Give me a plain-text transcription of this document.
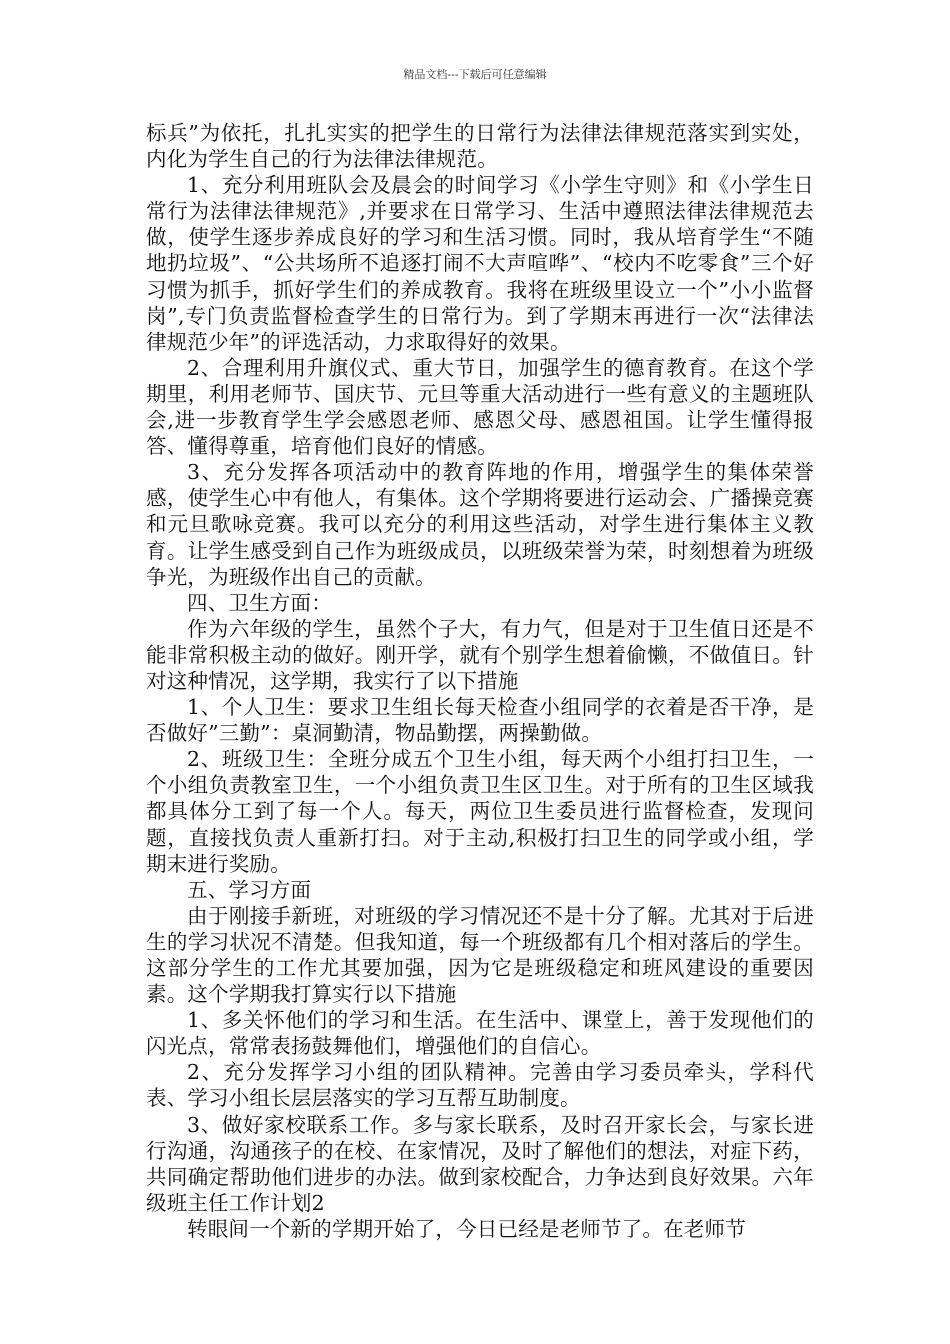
精品文档---下载后可任意编辑

标兵”为依托，扎扎实实的把学生的日常行为法律法律规范落实到实处，内化为学生自己的行为法律法律规范。

1、充分利用班队会及晨会的时间学习《小学生守则》和《小学生日常行为法律法律规范》,并要求在日常学习、生活中遵照法律法律规范去做，使学生逐步养成良好的学习和生活习惯。同时，我从培育学生“不随地扔垃圾”、“公共场所不追逐打闹不大声喧哗”、“校内不吃零食”三个好习惯为抓手，抓好学生们的养成教育。我将在班级里设立一个”小小监督岗”,专门负责监督检查学生的日常行为。到了学期末再进行一次“法律法律规范少年”的评选活动，力求取得好的效果。

2、合理利用升旗仪式、重大节日，加强学生的德育教育。在这个学期里，利用老师节、国庆节、元旦等重大活动进行一些有意义的主题班队会,进一步教育学生学会感恩老师、感恩父母、感恩祖国。让学生懂得报答、懂得尊重，培育他们良好的情感。

3、充分发挥各项活动中的教育阵地的作用，增强学生的集体荣誉感，使学生心中有他人，有集体。这个学期将要进行运动会、广播操竞赛和元旦歌咏竞赛。我可以充分的利用这些活动，对学生进行集体主义教育。让学生感受到自己作为班级成员，以班级荣誉为荣，时刻想着为班级争光，为班级作出自己的贡献。

四、卫生方面：

作为六年级的学生，虽然个子大，有力气，但是对于卫生值日还是不能非常积极主动的做好。刚开学，就有个别学生想着偷懒，不做值日。针对这种情况，这学期，我实行了以下措施

1、个人卫生：要求卫生组长每天检查小组同学的衣着是否干净，是否做好”三勤”：桌洞勤清，物品勤摆，两操勤做。

2、班级卫生：全班分成五个卫生小组，每天两个小组打扫卫生，一个小组负责教室卫生，一个小组负责卫生区卫生。对于所有的卫生区域我都具体分工到了每一个人。每天，两位卫生委员进行监督检查，发现问题，直接找负责人重新打扫。对于主动,积极打扫卫生的同学或小组，学期末进行奖励。

五、学习方面

由于刚接手新班，对班级的学习情况还不是十分了解。尤其对于后进生的学习状况不清楚。但我知道，每一个班级都有几个相对落后的学生。这部分学生的工作尤其要加强，因为它是班级稳定和班风建设的重要因素。这个学期我打算实行以下措施

1、多关怀他们的学习和生活。在生活中、课堂上，善于发现他们的闪光点，常常表扬鼓舞他们，增强他们的自信心。

2、充分发挥学习小组的团队精神。完善由学习委员牵头，学科代表、学习小组长层层落实的学习互帮互助制度。

3、做好家校联系工作。多与家长联系，及时召开家长会，与家长进行沟通，沟通孩子的在校、在家情况，及时了解他们的想法，对症下药，共同确定帮助他们进步的办法。做到家校配合，力争达到良好效果。六年级班主任工作计划2

转眼间一个新的学期开始了，今日已经是老师节了。在老师节
